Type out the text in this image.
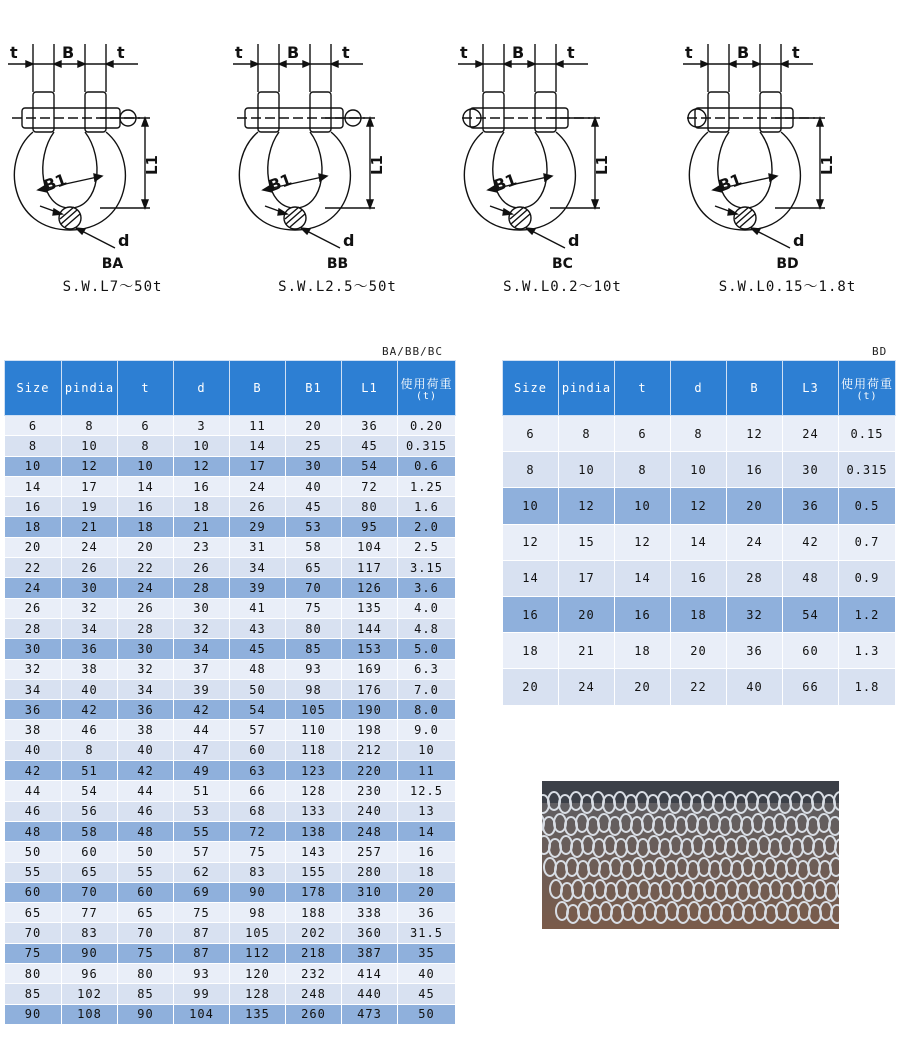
t	B	t
L1
B1
d
BA
S.W.L7～50t
t	B	t
L1
B1
d
BB
S.W.L2.5～50t
t	B	t
L1
B1
d
BC
S.W.L0.2～10t
t	B	t
L1
B1
d
BD
S.W.L0.15～1.8t
BA/BB/BC
Size	pindia	t	d	B	B1	L1	使用荷重
(t)

6	8	6	3	11	20	36	0.20
8	10	8	10	14	25	45	0.315
10	12	10	12	17	30	54	0.6
14	17	14	16	24	40	72	1.25
16	19	16	18	26	45	80	1.6
18	21	18	21	29	53	95	2.0
20	24	20	23	31	58	104	2.5
22	26	22	26	34	65	117	3.15
24	30	24	28	39	70	126	3.6
26	32	26	30	41	75	135	4.0
28	34	28	32	43	80	144	4.8
30	36	30	34	45	85	153	5.0
32	38	32	37	48	93	169	6.3
34	40	34	39	50	98	176	7.0
36	42	36	42	54	105	190	8.0
38	46	38	44	57	110	198	9.0
40	8	40	47	60	118	212	10
42	51	42	49	63	123	220	11
44	54	44	51	66	128	230	12.5
46	56	46	53	68	133	240	13
48	58	48	55	72	138	248	14
50	60	50	57	75	143	257	16
55	65	55	62	83	155	280	18
60	70	60	69	90	178	310	20
65	77	65	75	98	188	338	36
70	83	70	87	105	202	360	31.5
75	90	75	87	112	218	387	35
80	96	80	93	120	232	414	40
85	102	85	99	128	248	440	45
90	108	90	104	135	260	473	50
BD
Size	pindia	t	d	B	L3	使用荷重
(t)

6	8	6	8	12	24	0.15
8	10	8	10	16	30	0.315
10	12	10	12	20	36	0.5
12	15	12	14	24	42	0.7
14	17	14	16	28	48	0.9
16	20	16	18	32	54	1.2
18	21	18	20	36	60	1.3
20	24	20	22	40	66	1.8
